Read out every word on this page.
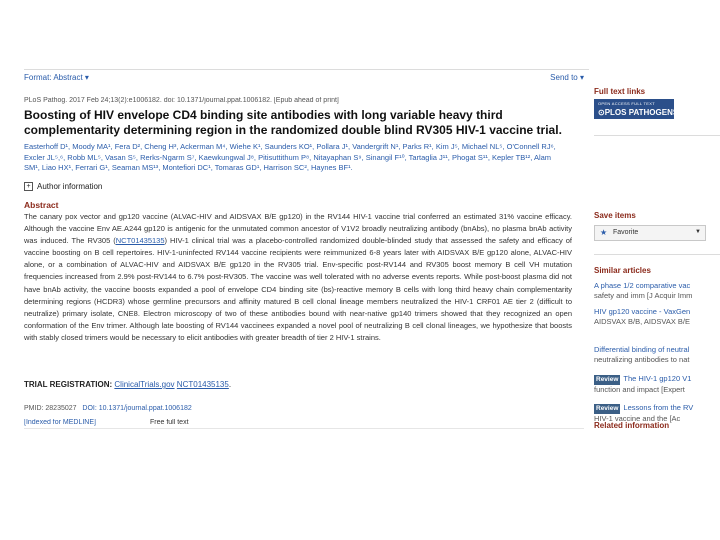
Format: Abstract ▾	Send to ▾
PLoS Pathog. 2017 Feb 24;13(2):e1006182. doi: 10.1371/journal.ppat.1006182. [Epub ahead of print]
Boosting of HIV envelope CD4 binding site antibodies with long variable heavy third complementarity determining region in the randomized double blind RV305 HIV-1 vaccine trial.
Easterhoff D¹, Moody MA¹, Fera D², Cheng H³, Ackerman M⁴, Wiehe K¹, Saunders KO¹, Pollara J¹, Vandergrift N¹, Parks R¹, Kim J⁵, Michael NL⁵, O'Connell RJ⁶, Excler JL⁵,⁶, Robb ML⁵, Vasan S⁵, Rerks-Ngarm S⁷, Kaewkungwal J⁸, Pitisuttithum P⁸, Nitayaphan S⁹, Sinangil F¹⁰, Tartaglia J¹¹, Phogat S¹¹, Kepler TB¹², Alam SM¹, Liao HX¹, Ferrari G¹, Seaman MS¹³, Montefiori DC¹, Tomaras GD¹, Harrison SC², Haynes BF¹.
+ Author information
Abstract
The canary pox vector and gp120 vaccine (ALVAC-HIV and AIDSVAX B/E gp120) in the RV144 HIV-1 vaccine trial conferred an estimated 31% vaccine efficacy. Although the vaccine Env AE.A244 gp120 is antigenic for the unmutated common ancestor of V1V2 broadly neutralizing antibody (bnAbs), no plasma bnAb activity was induced. The RV305 (NCT01435135) HIV-1 clinical trial was a placebo-controlled randomized double-blinded study that assessed the safety and efficacy of vaccine boosting on B cell repertoires. HIV-1-uninfected RV144 vaccine recipients were reimmunized 6-8 years later with AIDSVAX B/E gp120 alone, ALVAC-HIV alone, or a combination of ALVAC-HIV and AIDSVAX B/E gp120 in the RV305 trial. Env-specific post-RV144 and RV305 boost memory B cell VH mutation frequencies increased from 2.9% post-RV144 to 6.7% post-RV305. The vaccine was well tolerated with no adverse events reports. While post-boost plasma did not have bnAb activity, the vaccine boosts expanded a pool of envelope CD4 binding site (bs)-reactive memory B cells with long third heavy chain complementarity determining regions (HCDR3) whose germline precursors and affinity matured B cell clonal lineage members neutralized the HIV-1 CRF01 AE tier 2 (difficult to neutralize) primary isolate, CNE8. Electron microscopy of two of these antibodies bound with near-native gp140 trimers showed that they recognized an open conformation of the Env trimer. Although late boosting of RV144 vaccinees expanded a novel pool of neutralizing B cell clonal lineages, we hypothesize that boosts with stably closed trimers would be necessary to elicit antibodies with greater breadth of tier 2 HIV-1 strains.
TRIAL REGISTRATION: ClinicalTrials.gov NCT01435135.
PMID: 28235027 DOI: 10.1371/journal.ppat.1006182
[Indexed for MEDLINE]	Free full text
Full text links
OPEN ACCESS FULL TEXT
⊙PLOS PATHOGENS
Save items
★ Favorite	▼
Similar articles
A phase 1/2 comparative vac
safety and imm [J Acquir Imm
HIV gp120 vaccine - VaxGen
AIDSVAX B/B, AIDSVAX B/E
Differential binding of neutral
neutralizing antibodies to nat
Review The HIV-1 gp120 V1
function and impact [Expert
Review Lessons from the RV
HIV-1 vaccine and the [Ac
Related information
